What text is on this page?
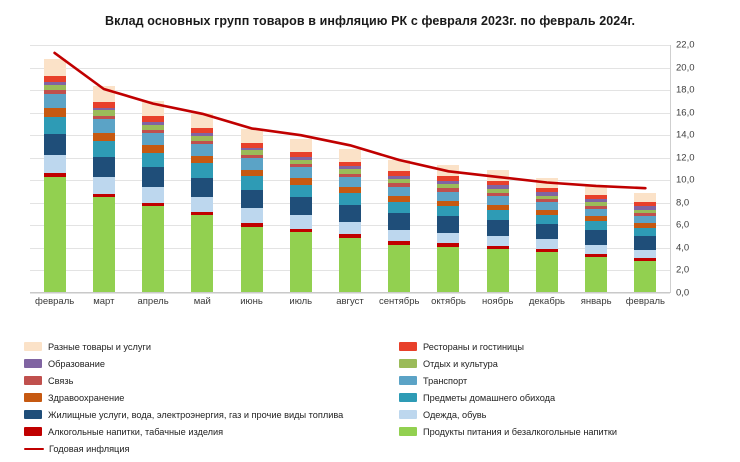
Вклад основных групп товаров в инфляцию РК с февраля 2023г. по февраль 2024г.
22,0
20,0
18,0
16,0
14,0
12,0
10,0
8,0
6,0
4,0
2,0
0,0
февраль март апрель	май	июнь	июль	август сентябрь октябрь ноябрь декабрь январь февраль
Разные товары и услуги	Рестораны и гостиницы
Образование	Отдых и культура
Связь	Транспорт
Здравоохранение	Предметы домашнего обихода
Жилищные услуги, вода, электроэнергия, газ и прочие виды топлива	Одежда, обувь
Алкогольные напитки, табачные изделия	Продукты питания и безалкогольные напитки
Годовая инфляция
